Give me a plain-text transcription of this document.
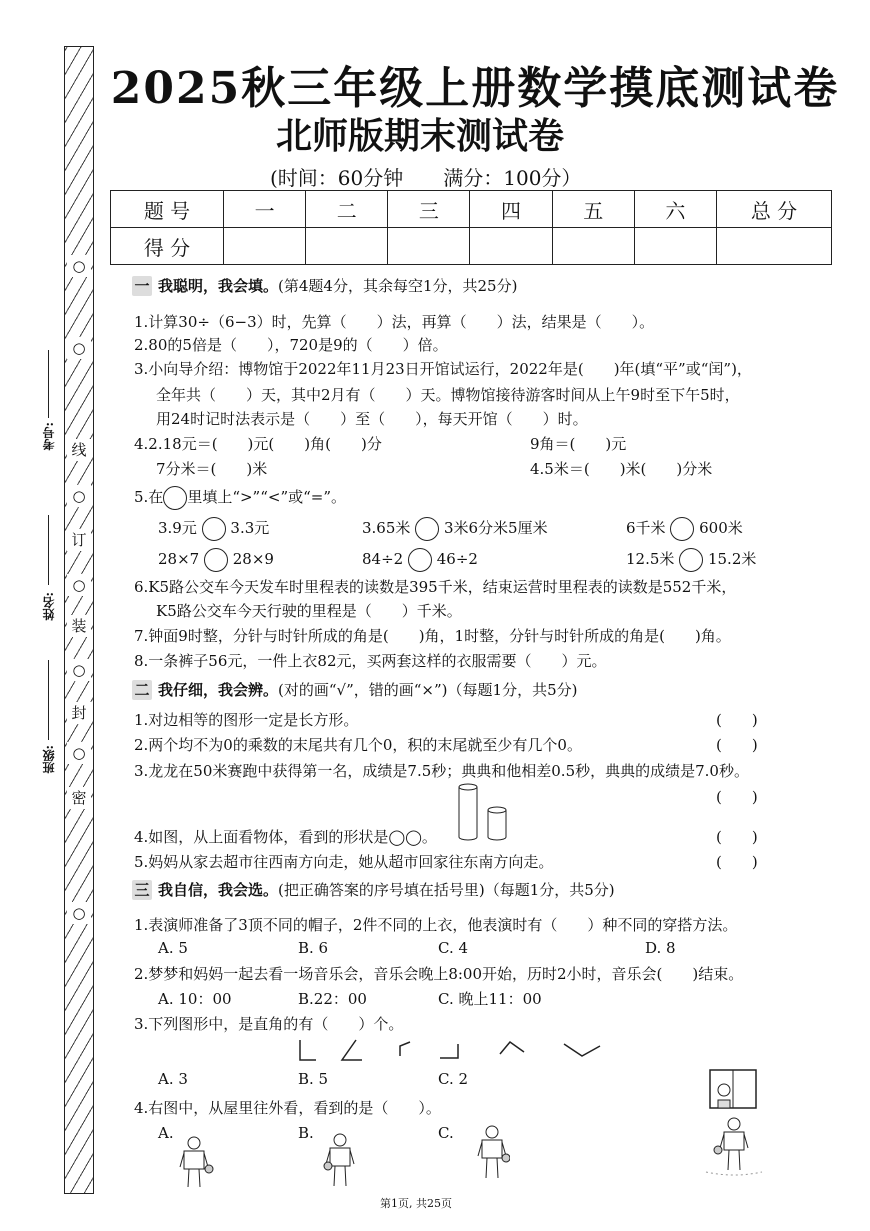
○
○
线
○
订
○
装
○
封
○
密
○
考号:
姓名:
班级:
2025秋三年级上册数学摸底测试卷
北师版期末测试卷
(时间：60分钟　　满分：100分）
题 号	一	二	三	四	五	六	总 分
得 分							
一 我聪明，我会填。(第4题4分，其余每空1分，共25分)
1.计算30÷（6−3）时，先算（　　）法，再算（　　）法，结果是（　　）。
2.80的5倍是（　　），720是9的（　　）倍。
3.小向导介绍：博物馆于2022年11月23日开馆试运行，2022年是(　　)年(填“平”或“闰”)，
全年共（　　）天，其中2月有（　　）天。博物馆接待游客时间从上午9时至下午5时，
用24时记时法表示是（　　）至（　　），每天开馆（　　）时。
4.2.18元＝(　　)元(　　)角(　　)分	9角＝(　　)元
7分米＝(　　)米	4.5米＝(　　)米(　　)分米
5.在 里填上“>”“<”或“=”。
3.9元 3.3元	3.65米 3米6分米5厘米	6千米 600米
28×7 28×9	84÷2 46÷2	12.5米 15.2米
6.K5路公交车今天发车时里程表的读数是395千米，结束运营时里程表的读数是552千米，
K5路公交车今天行驶的里程是（　　）千米。
7.钟面9时整，分针与时针所成的角是(　　)角，1时整，分针与时针所成的角是(　　)角。
8.一条裤子56元，一件上衣82元，买两套这样的衣服需要（　　）元。
二 我仔细，我会辨。(对的画“√”，错的画“×”)（每题1分，共5分)
1.对边相等的图形一定是长方形。	(　　)
2.两个均不为0的乘数的末尾共有几个0，积的末尾就至少有几个0。	(　　)
3.龙龙在50米赛跑中获得第一名，成绩是7.5秒；典典和他相差0.5秒，典典的成绩是7.0秒。
(　　)
4.如图，从上面看物体，看到的形状是◯◯。	(　　)
5.妈妈从家去超市往西南方向走，她从超市回家往东南方向走。	(　　)
三 我自信，我会选。(把正确答案的序号填在括号里)（每题1分，共5分)
1.表演师准备了3顶不同的帽子，2件不同的上衣，他表演时有（　　）种不同的穿搭方法。
A. 5	B. 6	C. 4	D. 8
2.梦梦和妈妈一起去看一场音乐会，音乐会晚上8:00开始，历时2小时，音乐会(　　)结束。
A. 10：00	B.22：00	C. 晚上11：00
3.下列图形中，是直角的有（　　）个。
A. 3	B. 5	C. 2
4.右图中，从屋里往外看，看到的是（　　）。
A.	B.	C.
第1页, 共25页
